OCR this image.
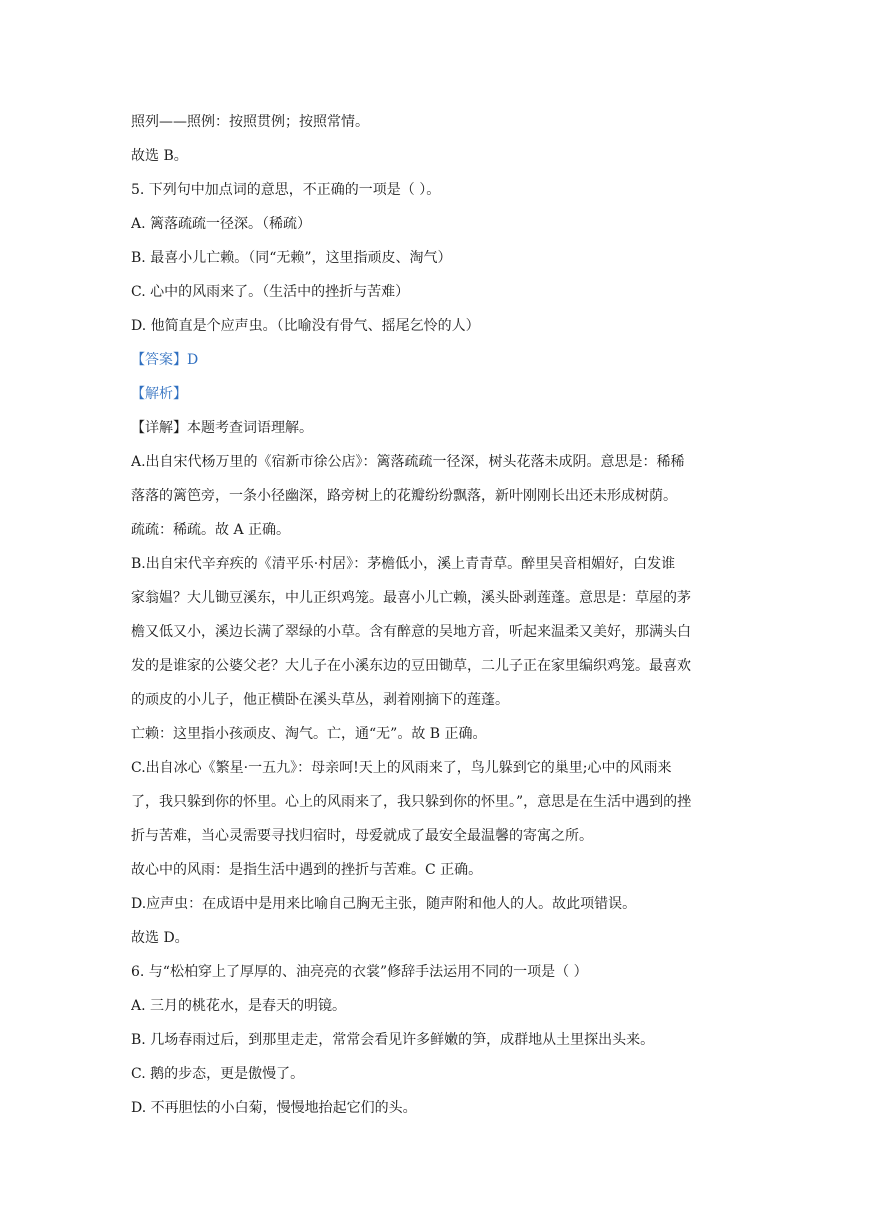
照列——照例：按照贯例；按照常情。
故选 B。
5. 下列句中加点词的意思，不正确的一项是（ ）。
A. 篱落疏疏一径深。（稀疏）
B. 最喜小儿亡赖。（同“无赖”，这里指顽皮、淘气）
C. 心中的风雨来了。（生活中的挫折与苦难）
D. 他简直是个应声虫。（比喻没有骨气、摇尾乞怜的人）
【答案】D
【解析】
【详解】本题考查词语理解。
A.出自宋代杨万里的《宿新市徐公店》：篱落疏疏一径深，树头花落未成阴。意思是：稀稀
落落的篱笆旁，一条小径幽深，路旁树上的花瓣纷纷飘落，新叶刚刚长出还未形成树荫。
疏疏：稀疏。故 A 正确。
B.出自宋代辛弃疾的《清平乐·村居》：茅檐低小，溪上青青草。醉里吴音相媚好，白发谁
家翁媪？大儿锄豆溪东，中儿正织鸡笼。最喜小儿亡赖，溪头卧剥莲蓬。意思是：草屋的茅
檐又低又小，溪边长满了翠绿的小草。含有醉意的吴地方音，听起来温柔又美好，那满头白
发的是谁家的公婆父老？大儿子在小溪东边的豆田锄草，二儿子正在家里编织鸡笼。最喜欢
的顽皮的小儿子，他正横卧在溪头草丛，剥着刚摘下的莲蓬。
亡赖：这里指小孩顽皮、淘气。亡，通“无”。故 B 正确。
C.出自冰心《繁星·一五九》：母亲呵!天上的风雨来了，鸟儿躲到它的巢里;心中的风雨来
了，我只躲到你的怀里。心上的风雨来了，我只躲到你的怀里。”，意思是在生活中遇到的挫
折与苦难，当心灵需要寻找归宿时，母爱就成了最安全最温馨的寄寓之所。
故心中的风雨：是指生活中遇到的挫折与苦难。C 正确。
D.应声虫：在成语中是用来比喻自己胸无主张，随声附和他人的人。故此项错误。
故选 D。
6. 与“松柏穿上了厚厚的、油亮亮的衣裳”修辞手法运用不同的一项是（ ）
A. 三月的桃花水，是春天的明镜。
B. 几场春雨过后，到那里走走，常常会看见许多鲜嫩的笋，成群地从土里探出头来。
C. 鹅的步态，更是傲慢了。
D. 不再胆怯的小白菊，慢慢地抬起它们的头。
